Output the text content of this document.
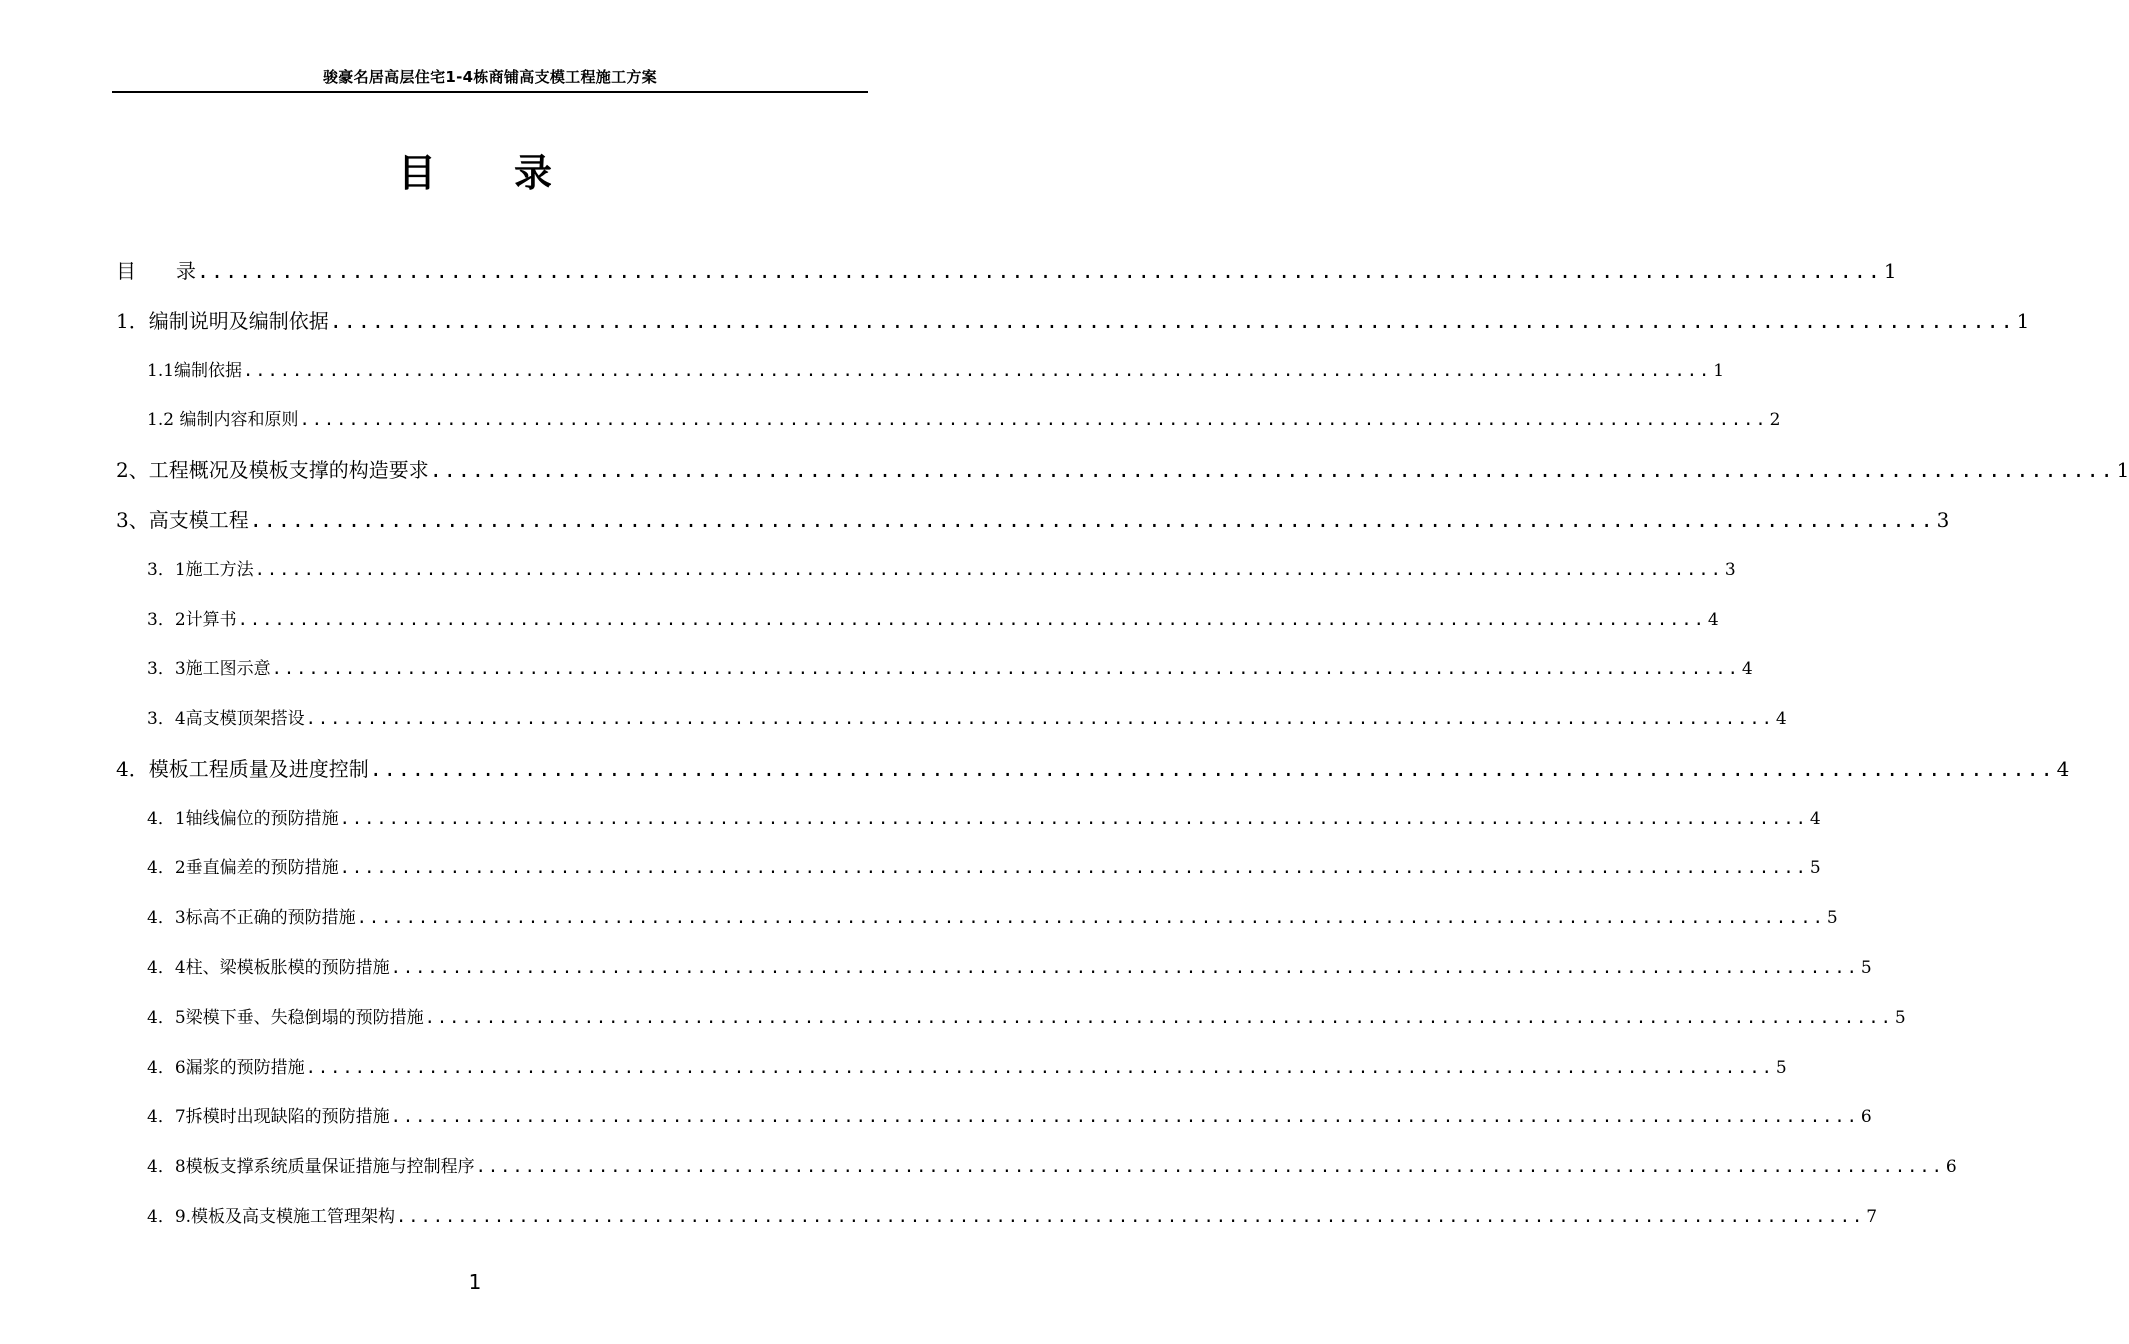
骏豪名居高层住宅1-4栋商铺高支模工程施工方案
目 录
目　　录 ........................................................................................................................ 1
1．编制说明及编制依据 ........................................................................................................................ 1
1.1编制依据 ........................................................................................................................ 1
1.2 编制内容和原则 ........................................................................................................................ 2
2、工程概况及模板支撑的构造要求 ........................................................................................................................ 1
3、高支模工程 ........................................................................................................................ 3
3．1施工方法 ........................................................................................................................ 3
3．2计算书 ........................................................................................................................ 4
3．3施工图示意 ........................................................................................................................ 4
3．4高支模顶架搭设 ........................................................................................................................ 4
4．模板工程质量及进度控制 ........................................................................................................................ 4
4．1轴线偏位的预防措施 ........................................................................................................................ 4
4．2垂直偏差的预防措施 ........................................................................................................................ 5
4．3标高不正确的预防措施 ........................................................................................................................ 5
4．4柱、梁模板胀模的预防措施 ........................................................................................................................ 5
4．5梁模下垂、失稳倒塌的预防措施 ........................................................................................................................ 5
4．6漏浆的预防措施 ........................................................................................................................ 5
4．7拆模时出现缺陷的预防措施 ........................................................................................................................ 6
4．8模板支撑系统质量保证措施与控制程序 ........................................................................................................................ 6
4．9.模板及高支模施工管理架构 ........................................................................................................................ 7
1
